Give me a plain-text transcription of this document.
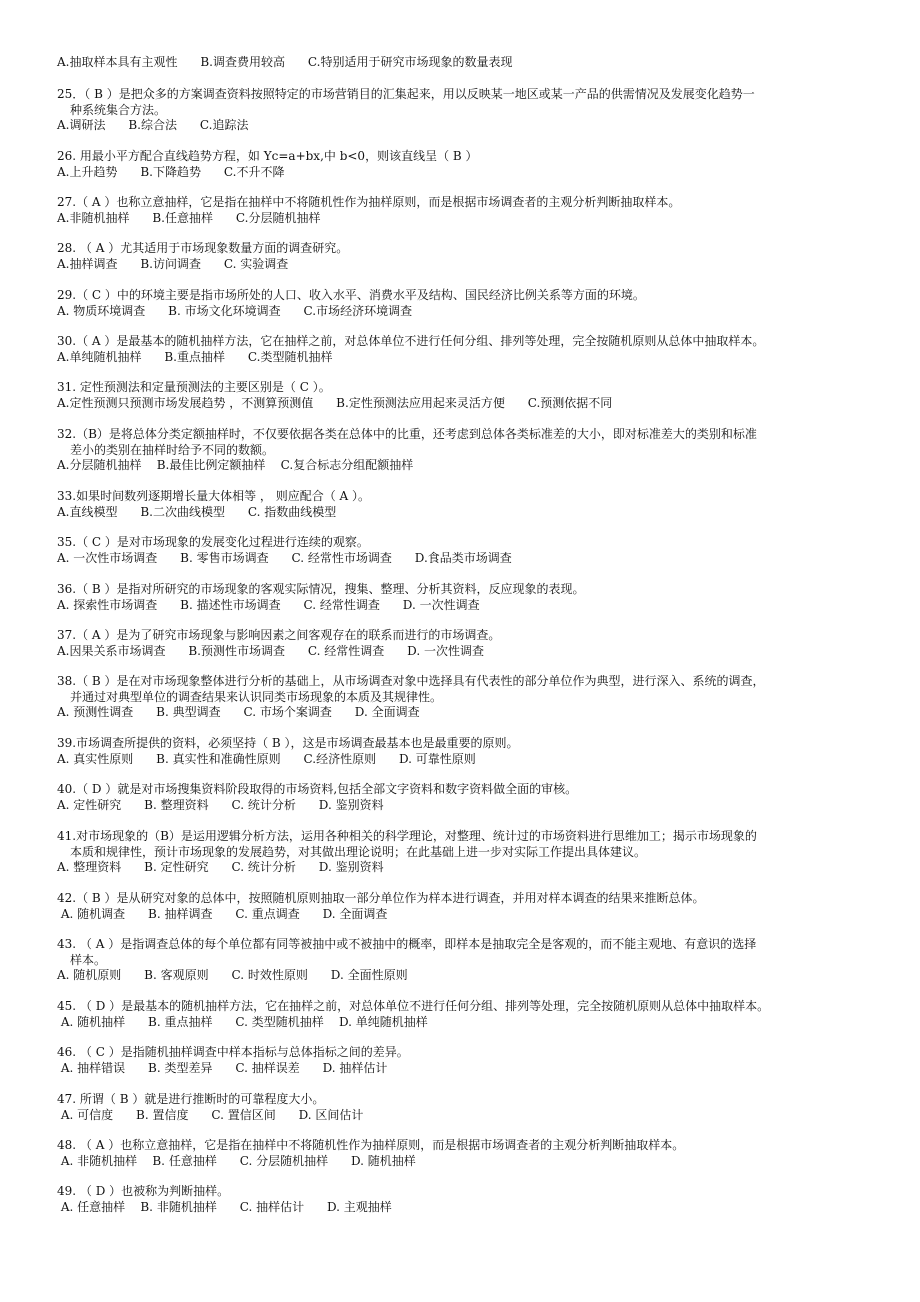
A.抽取样本具有主观性      B.调查费用较高      C.特别适用于研究市场现象的数量表现
25．（ B ）是把众多的方案调查资料按照特定的市场营销目的汇集起来，用以反映某一地区或某一产品的供需情况及发展变化趋势一
种系统集合方法。
A.调研法      B.综合法      C.追踪法
26. 用最小平方配合直线趋势方程，如 Yc=a+bx,中 b<0，则该直线呈（ B ）
A.上升趋势      B.下降趋势      C.不升不降
27.（ A ）也称立意抽样，它是指在抽样中不将随机性作为抽样原则，而是根据市场调查者的主观分析判断抽取样本。
A.非随机抽样      B.任意抽样      C.分层随机抽样
28. （ A ）尤其适用于市场现象数量方面的调查研究。
A.抽样调查      B.访问调查      C. 实验调查
29.（ C ）中的环境主要是指市场所处的人口、收入水平、消费水平及结构、国民经济比例关系等方面的环境。
A. 物质环境调查      B. 市场文化环境调查      C.市场经济环境调查
30.（ A ）是最基本的随机抽样方法，它在抽样之前，对总体单位不进行任何分组、排列等处理，完全按随机原则从总体中抽取样本。
A.单纯随机抽样      B.重点抽样      C.类型随机抽样
31. 定性预测法和定量预测法的主要区别是（ C ）。
A.定性预测只预测市场发展趋势 ，不测算预测值      B.定性预测法应用起来灵活方便      C.预测依据不同
32.（B）是将总体分类定额抽样时，不仅要依据各类在总体中的比重，还考虑到总体各类标准差的大小，即对标准差大的类别和标准
差小的类别在抽样时给予不同的数额。
A.分层随机抽样    B.最佳比例定额抽样    C.复合标志分组配额抽样
33.如果时间数列逐期增长量大体相等 ， 则应配合（ A ）。
A.直线模型      B.二次曲线模型      C. 指数曲线模型
35.（ C ）是对市场现象的发展变化过程进行连续的观察。
A. 一次性市场调查      B. 零售市场调查      C. 经常性市场调查      D.食品类市场调查
36.（ B ）是指对所研究的市场现象的客观实际情况，搜集、整理、分析其资料，反应现象的表现。
A. 探索性市场调查      B. 描述性市场调查      C. 经常性调查      D. 一次性调查
37.（ A ）是为了研究市场现象与影响因素之间客观存在的联系而进行的市场调查。
A.因果关系市场调查      B.预测性市场调查      C. 经常性调查      D. 一次性调查
38.（ B ）是在对市场现象整体进行分析的基础上，从市场调查对象中选择具有代表性的部分单位作为典型，进行深入、系统的调查，
并通过对典型单位的调查结果来认识同类市场现象的本质及其规律性。
A. 预测性调查      B. 典型调查      C. 市场个案调查      D. 全面调查
39.市场调查所提供的资料，必须坚持（ B ），这是市场调查最基本也是最重要的原则。
A. 真实性原则      B. 真实性和准确性原则      C.经济性原则      D. 可靠性原则
40.（ D ）就是对市场搜集资料阶段取得的市场资料,包括全部文字资料和数字资料做全面的审核。
A. 定性研究      B. 整理资料      C. 统计分析      D. 鉴别资料
41.对市场现象的（B）是运用逻辑分析方法，运用各种相关的科学理论，对整理、统计过的市场资料进行思维加工；揭示市场现象的
本质和规律性，预计市场现象的发展趋势，对其做出理论说明；在此基础上进一步对实际工作提出具体建议。
A. 整理资料      B. 定性研究      C. 统计分析      D. 鉴别资料
42.（ B ）是从研究对象的总体中，按照随机原则抽取一部分单位作为样本进行调查，并用对样本调查的结果来推断总体。
A. 随机调查      B. 抽样调查      C. 重点调查      D. 全面调查
43. （ A ）是指调查总体的每个单位都有同等被抽中或不被抽中的概率，即样本是抽取完全是客观的，而不能主观地、有意识的选择
样本。
A. 随机原则      B. 客观原则      C. 时效性原则      D. 全面性原则
45. （ D ）是最基本的随机抽样方法，它在抽样之前，对总体单位不进行任何分组、排列等处理，完全按随机原则从总体中抽取样本。
A. 随机抽样      B. 重点抽样      C. 类型随机抽样    D. 单纯随机抽样
46. （ C ）是指随机抽样调查中样本指标与总体指标之间的差异。
A. 抽样错误      B. 类型差异      C. 抽样误差      D. 抽样估计
47. 所谓（ B ）就是进行推断时的可靠程度大小。
A. 可信度      B. 置信度      C. 置信区间      D. 区间估计
48. （ A ）也称立意抽样，它是指在抽样中不将随机性作为抽样原则，而是根据市场调查者的主观分析判断抽取样本。
A. 非随机抽样    B. 任意抽样      C. 分层随机抽样      D. 随机抽样
49. （ D ）也被称为判断抽样。
A. 任意抽样    B. 非随机抽样      C. 抽样估计      D. 主观抽样
